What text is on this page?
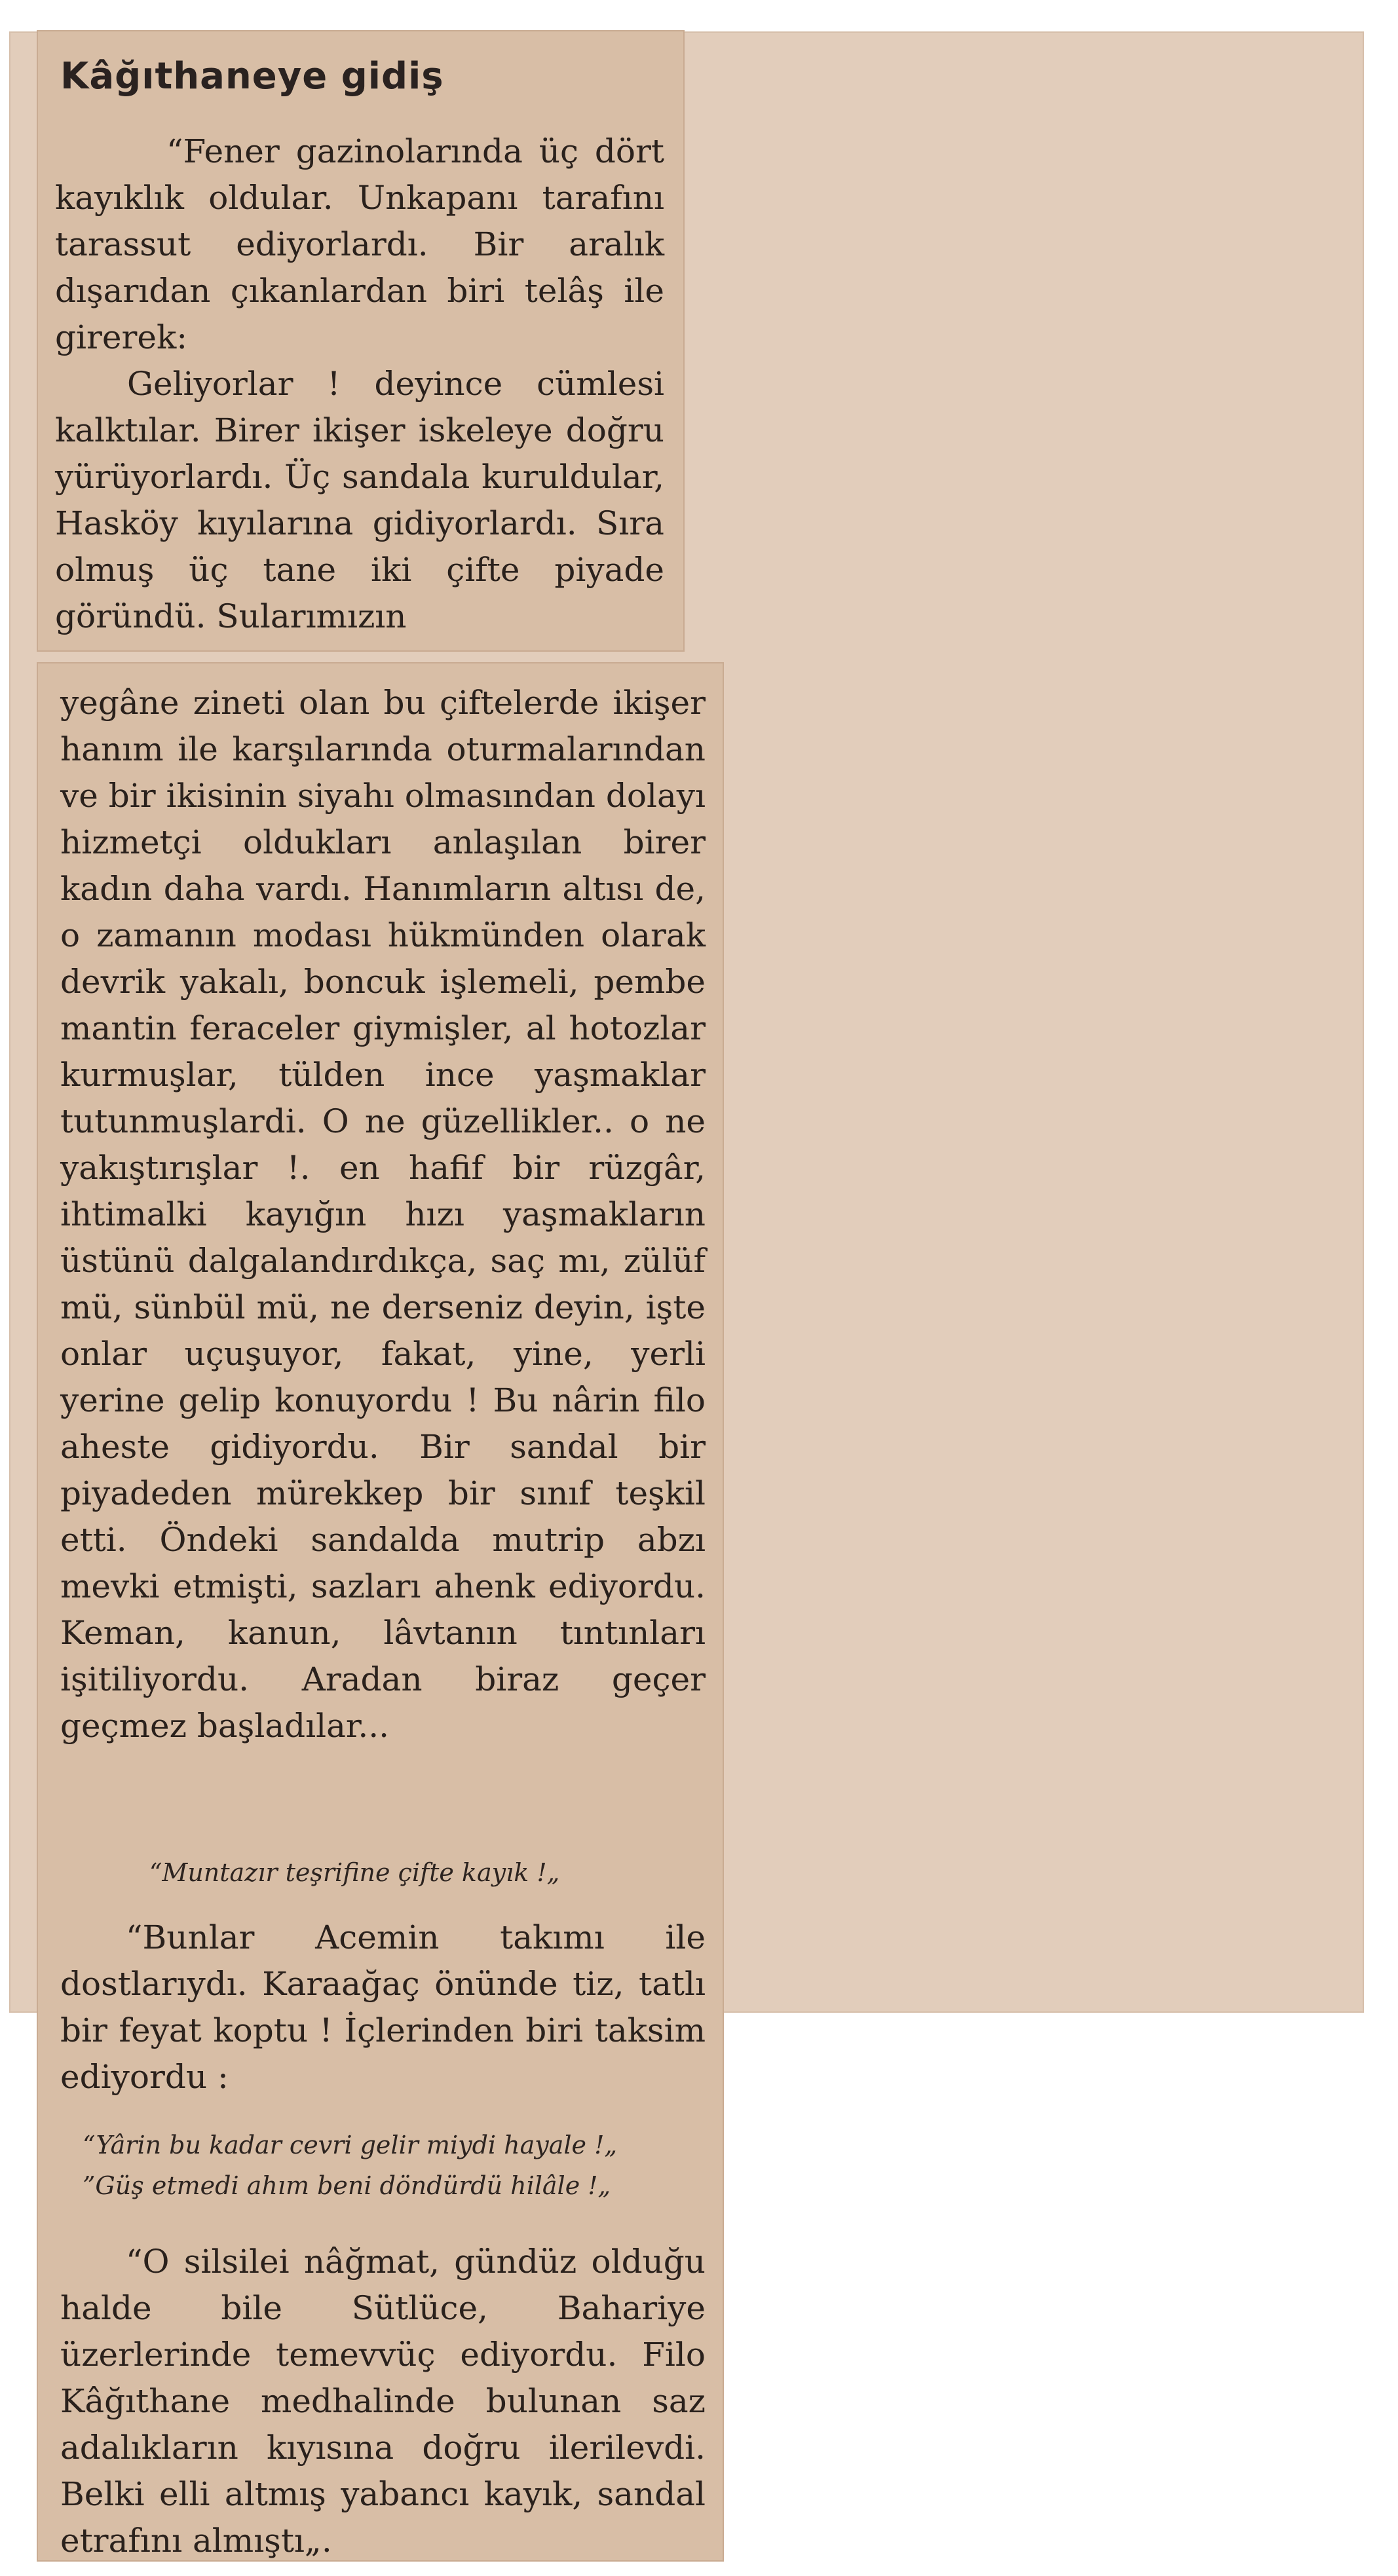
Kâğıthaneye gidiş

“Fener gazinolarında üç dört kayıklık oldular. Unkapanı tarafını tarassut ediyorlardı. Bir aralık dışarıdan çıkanlardan biri telâş ile girerek:

Geliyorlar ! deyince cümlesi kalktılar. Birer ikişer iskeleye doğru yürüyorlardı. Üç sandala kuruldular, Hasköy kıyılarına gidiyorlardı. Sıra olmuş üç tane iki çifte piyade göründü. Sularımızın

yegâne zineti olan bu çiftelerde ikişer hanım ile karşılarında oturmalarından ve bir ikisinin siyahı olmasından dolayı hizmetçi oldukları anlaşılan birer kadın daha vardı. Hanımların altısı de, o zamanın modası hükmünden olarak devrik yakalı, boncuk işlemeli, pembe mantin feraceler giymişler, al hotozlar kurmuşlar, tülden ince yaşmaklar tutunmuşlardi. O ne güzellikler.. o ne yakıştırışlar !. en hafif bir rüzgâr, ihtimalki kayığın hızı yaşmakların üstünü dalgalandırdıkça, saç mı, zülüf mü, sünbül mü, ne derseniz deyin, işte onlar uçuşuyor, fakat, yine, yerli yerine gelip konuyordu ! Bu nârin filo aheste gidiyordu. Bir sandal bir piyadeden mürekkep bir sınıf teşkil etti. Öndeki sandalda mutrip abzı mevki etmişti, sazları ahenk ediyordu. Keman, kanun, lâvtanın tıntınları işitiliyordu. Aradan biraz geçer geçmez başladılar...

“Muntazır teşrifine çifte kayık !„

“Bunlar Acemin takımı ile dostlarıydı. Karaağaç önünde tiz, tatlı bir feyat koptu ! İçlerinden biri taksim ediyordu :

“Yârin bu kadar cevri gelir miydi hayale !„

”Güş etmedi ahım beni döndürdü hilâle !„

“O silsilei nâğmat, gündüz olduğu halde bile Sütlüce, Bahariye üzerlerinde temevvüç ediyordu. Filo Kâğıthane medhalinde bulunan saz adalıkların kıyısına doğru ilerilevdi. Belki elli altmış yabancı kayık, sandal etrafını almıştı„.
